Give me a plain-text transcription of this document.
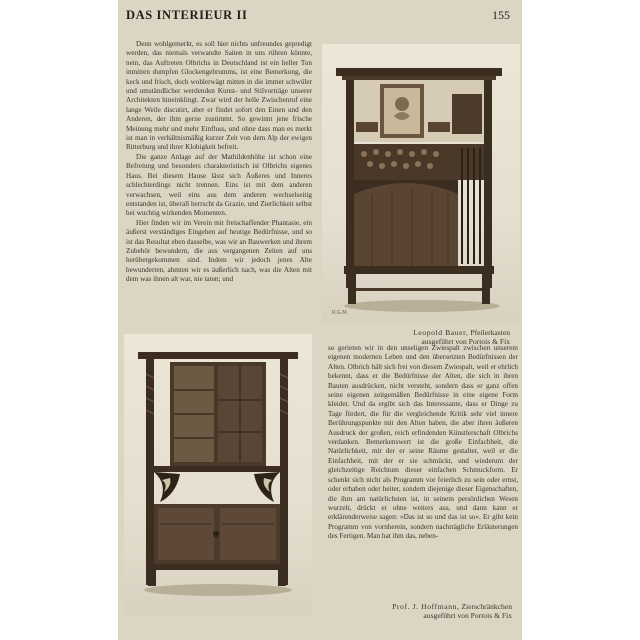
DAS INTERIEUR II	155

Denn wohlgemerkt, es soll hier nichts unfreundes gepredigt werden, das niemals verwandte Saiten in uns rühren könnte, nein, das Auftreten Olbrichs in Deutschland ist ein heller Ton inmitten dumpfen Glockengebrumms, ist eine Bemerkung, die keck und frisch, doch wohlerwägt mitten in die immer schwüler und umständlicher werdenden Kunst- und Stilvorträge unserer Architekten hineinklingt. Zwar wird der helle Zwischenruf eine lange Weile discutirt, aber er findet sofort den Einen und den Anderen, der ihm gerne zustimmt. So gewinnt jene frische Meinung mehr und mehr Einfluss, und ohne dass man es merkt ist man in verhältnismäßig kurzer Zeit von dem Alp der ewigen Ritterburg und ihrer Klobigkeit befreit.

Die ganze Anlage auf der Mathildenhöhe ist schon eine Befreiung und besonders charakteristisch ist Olbrichs eigenes Haus. Bei diesem Hause lässt sich Äußeres und Inneres schlechterdings nicht trennen. Eins ist mit dem anderen verwachsen, weil eins aus dem anderen wechselseitig entstanden ist, überall herrscht da Grazie, und Zierlichkeit selbst bei wuchtig wirkenden Momenten.

Hier finden wir im Verein mit freischaffender Phantasie, ein äußerst verständiges Eingehen auf heutige Bedürfnisse, und so ist das Resultat eben dasselbe, was wir an Bauwerken und ihrem Zubehör bewundern, die aus vergangenen Zeiten auf uns herübergekommen sind. Indem wir jedoch jenes Alte bewunderten, ahmten wir es äußerlich nach, was die Alten mit dem was ihnen alt war, nie taten; und

R.G.M.
Leopold Bauer, Pfeilerkasten
ausgeführt von Portois & Fix

so gerieten wir in den unseligen Zwiespalt zwischen unserem eigenen modernen Leben und den übersetzten Bedürfnissen der Alten. Olbrich hält sich frei von diesem Zwiespalt, weil er ehrlich bekennt, dass er die Bedürfnisse der Alten, die sich in ihren Bauten ausdrücken, nicht versteht, sondern dass er ganz offen seine eigenen zeitgemäßen Bedürfnisse in eine eigene Form kleidet. Und da ergibt sich das Interessante, dass er Dinge zu Tage fördert, die für die vergleichende Kritik sehr viel innere Berührungspunkte mit den Alten haben, die aber ihren äußeren Ausdruck der großen, reich erfindenden Künstlerschaft Olbrichs verdanken. Bemerkenswert ist die große Einfachheit, die Natürlichkeit, mit der er seine Räume gestaltet, weil er die Einfachheit, mit der er sie schmückt, und wiederum der gleichzeitige Reichtum dieser einfachen Schmuckform. Er schenkt sich nicht als Programm vor feierlich zu sein oder ernst, oder erhaben oder heiter, sondern diejenige dieser Eigenschaften, die ihm am natürlichsten ist, in seinem persönlichen Wesen wurzelt, drückt er ohne weiters aus, und dann kann er erklärenderweise sagen: »Das ist so und das ist so«. Er gibt kein Programm von vornherein, sondern nachträgliche Erläuterungen des Fertigen. Man hat ihm das, neben-

Prof. J. Hoffmann, Zierschränkchen
ausgeführt von Portois & Fix
